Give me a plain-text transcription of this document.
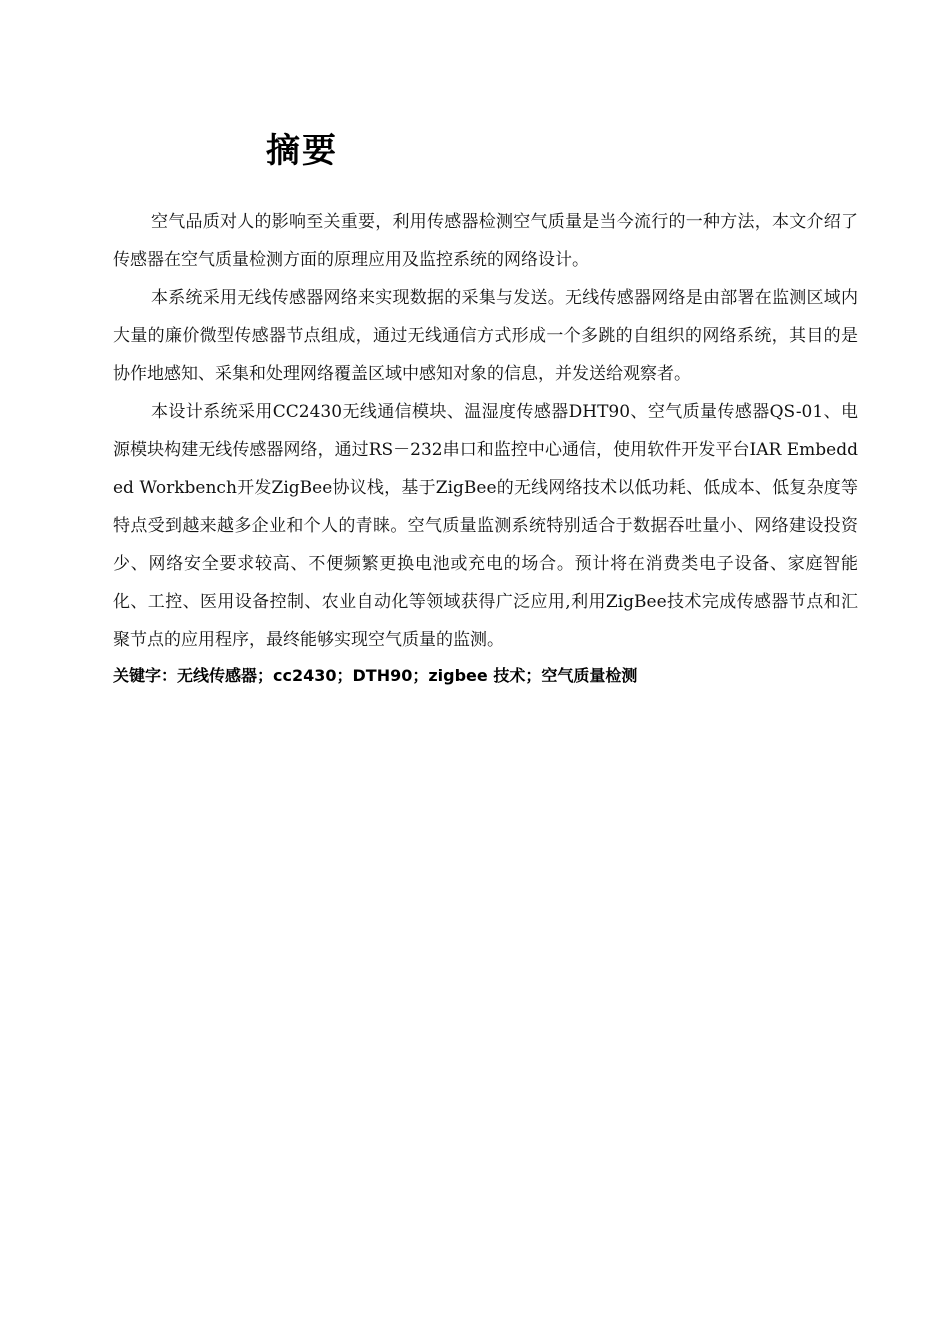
摘要

空气品质对人的影响至关重要，利用传感器检测空气质量是当今流行的一种方法，本文介绍了传感器在空气质量检测方面的原理应用及监控系统的网络设计。

本系统采用无线传感器网络来实现数据的采集与发送。无线传感器网络是由部署在监测区域内大量的廉价微型传感器节点组成，通过无线通信方式形成一个多跳的自组织的网络系统，其目的是协作地感知、采集和处理网络覆盖区域中感知对象的信息，并发送给观察者。

本设计系统采用CC2430无线通信模块、温湿度传感器DHT90、空气质量传感器QS-01、电源模块构建无线传感器网络，通过RS－232串口和监控中心通信，使用软件开发平台IAR Embedded Workbench开发ZigBee协议栈，基于ZigBee的无线网络技术以低功耗、低成本、低复杂度等特点受到越来越多企业和个人的青睐。空气质量监测系统特别适合于数据吞吐量小、网络建设投资少、网络安全要求较高、不便频繁更换电池或充电的场合。预计将在消费类电子设备、家庭智能化、工控、医用设备控制、农业自动化等领域获得广泛应用,利用ZigBee技术完成传感器节点和汇聚节点的应用程序，最终能够实现空气质量的监测。

关键字：无线传感器；cc2430；DTH90；zigbee 技术；空气质量检测
